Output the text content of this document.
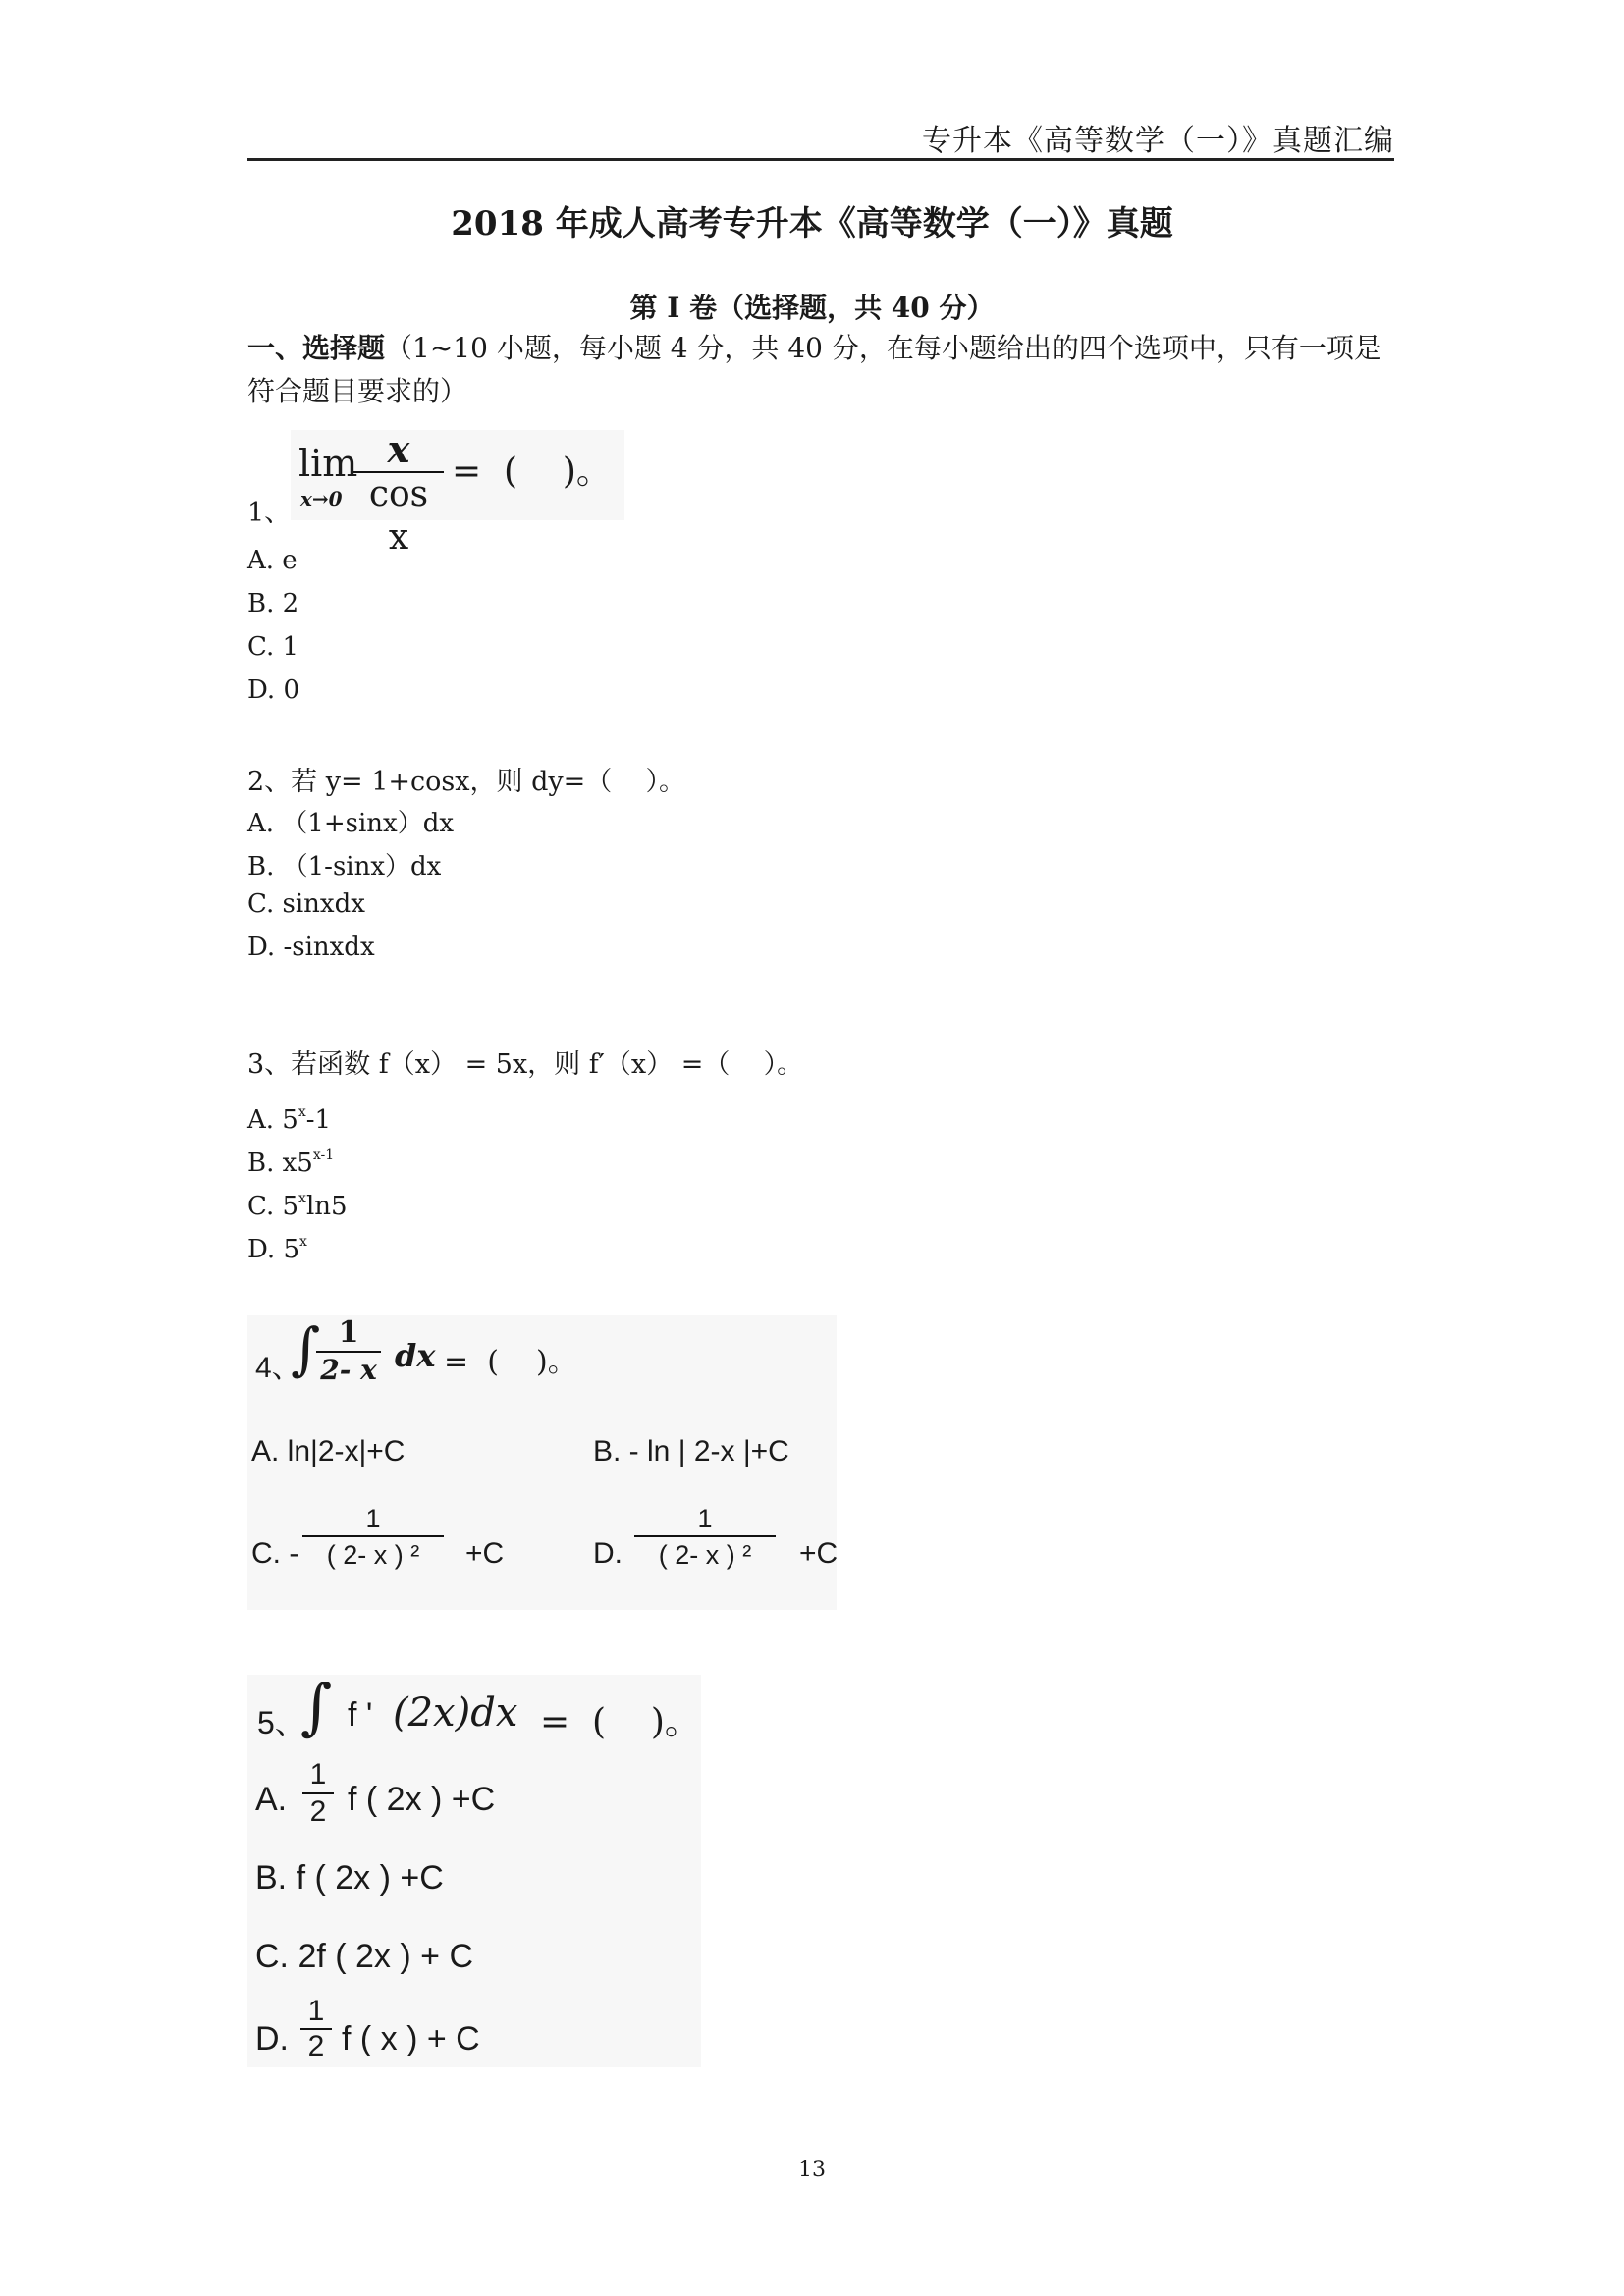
专升本《高等数学（一）》真题汇编
2018 年成人高考专升本《高等数学（一）》真题
第 I 卷（选择题，共 40 分）
一、选择题（1~10 小题，每小题 4 分，共 40 分，在每小题给出的四个选项中，只有一项是符合题目要求的）
1、
lim
x→0
x
cos x
=  (    )。
A. e
B. 2
C. 1
D. 0
2、若 y= 1+cosx，则 dy=（    ）。
A. （1+sinx）dx
B. （1-sinx）dx
C. sinxdx
D. -sinxdx
3、若函数 f（x） = 5x，则 f′（x） =（    ）。
A. 5$^x$-1
B. x5$^{x-1}$
C. 5$^x$ln5
D. 5$^x$
4、
∫ 1
2- x dx =  (    )。
A. ln|2-x|+C	B. - ln | 2-x |+C
C. -
1
( 2- x ) ²	+C	D.
1
( 2- x ) ²	+C
5、
∫ f ' (2x)dx =  (    )。
A.
1
2 f ( 2x ) +C
B. f ( 2x ) +C
C. 2f ( 2x ) + C
D.
1
2 f ( x ) + C
13
